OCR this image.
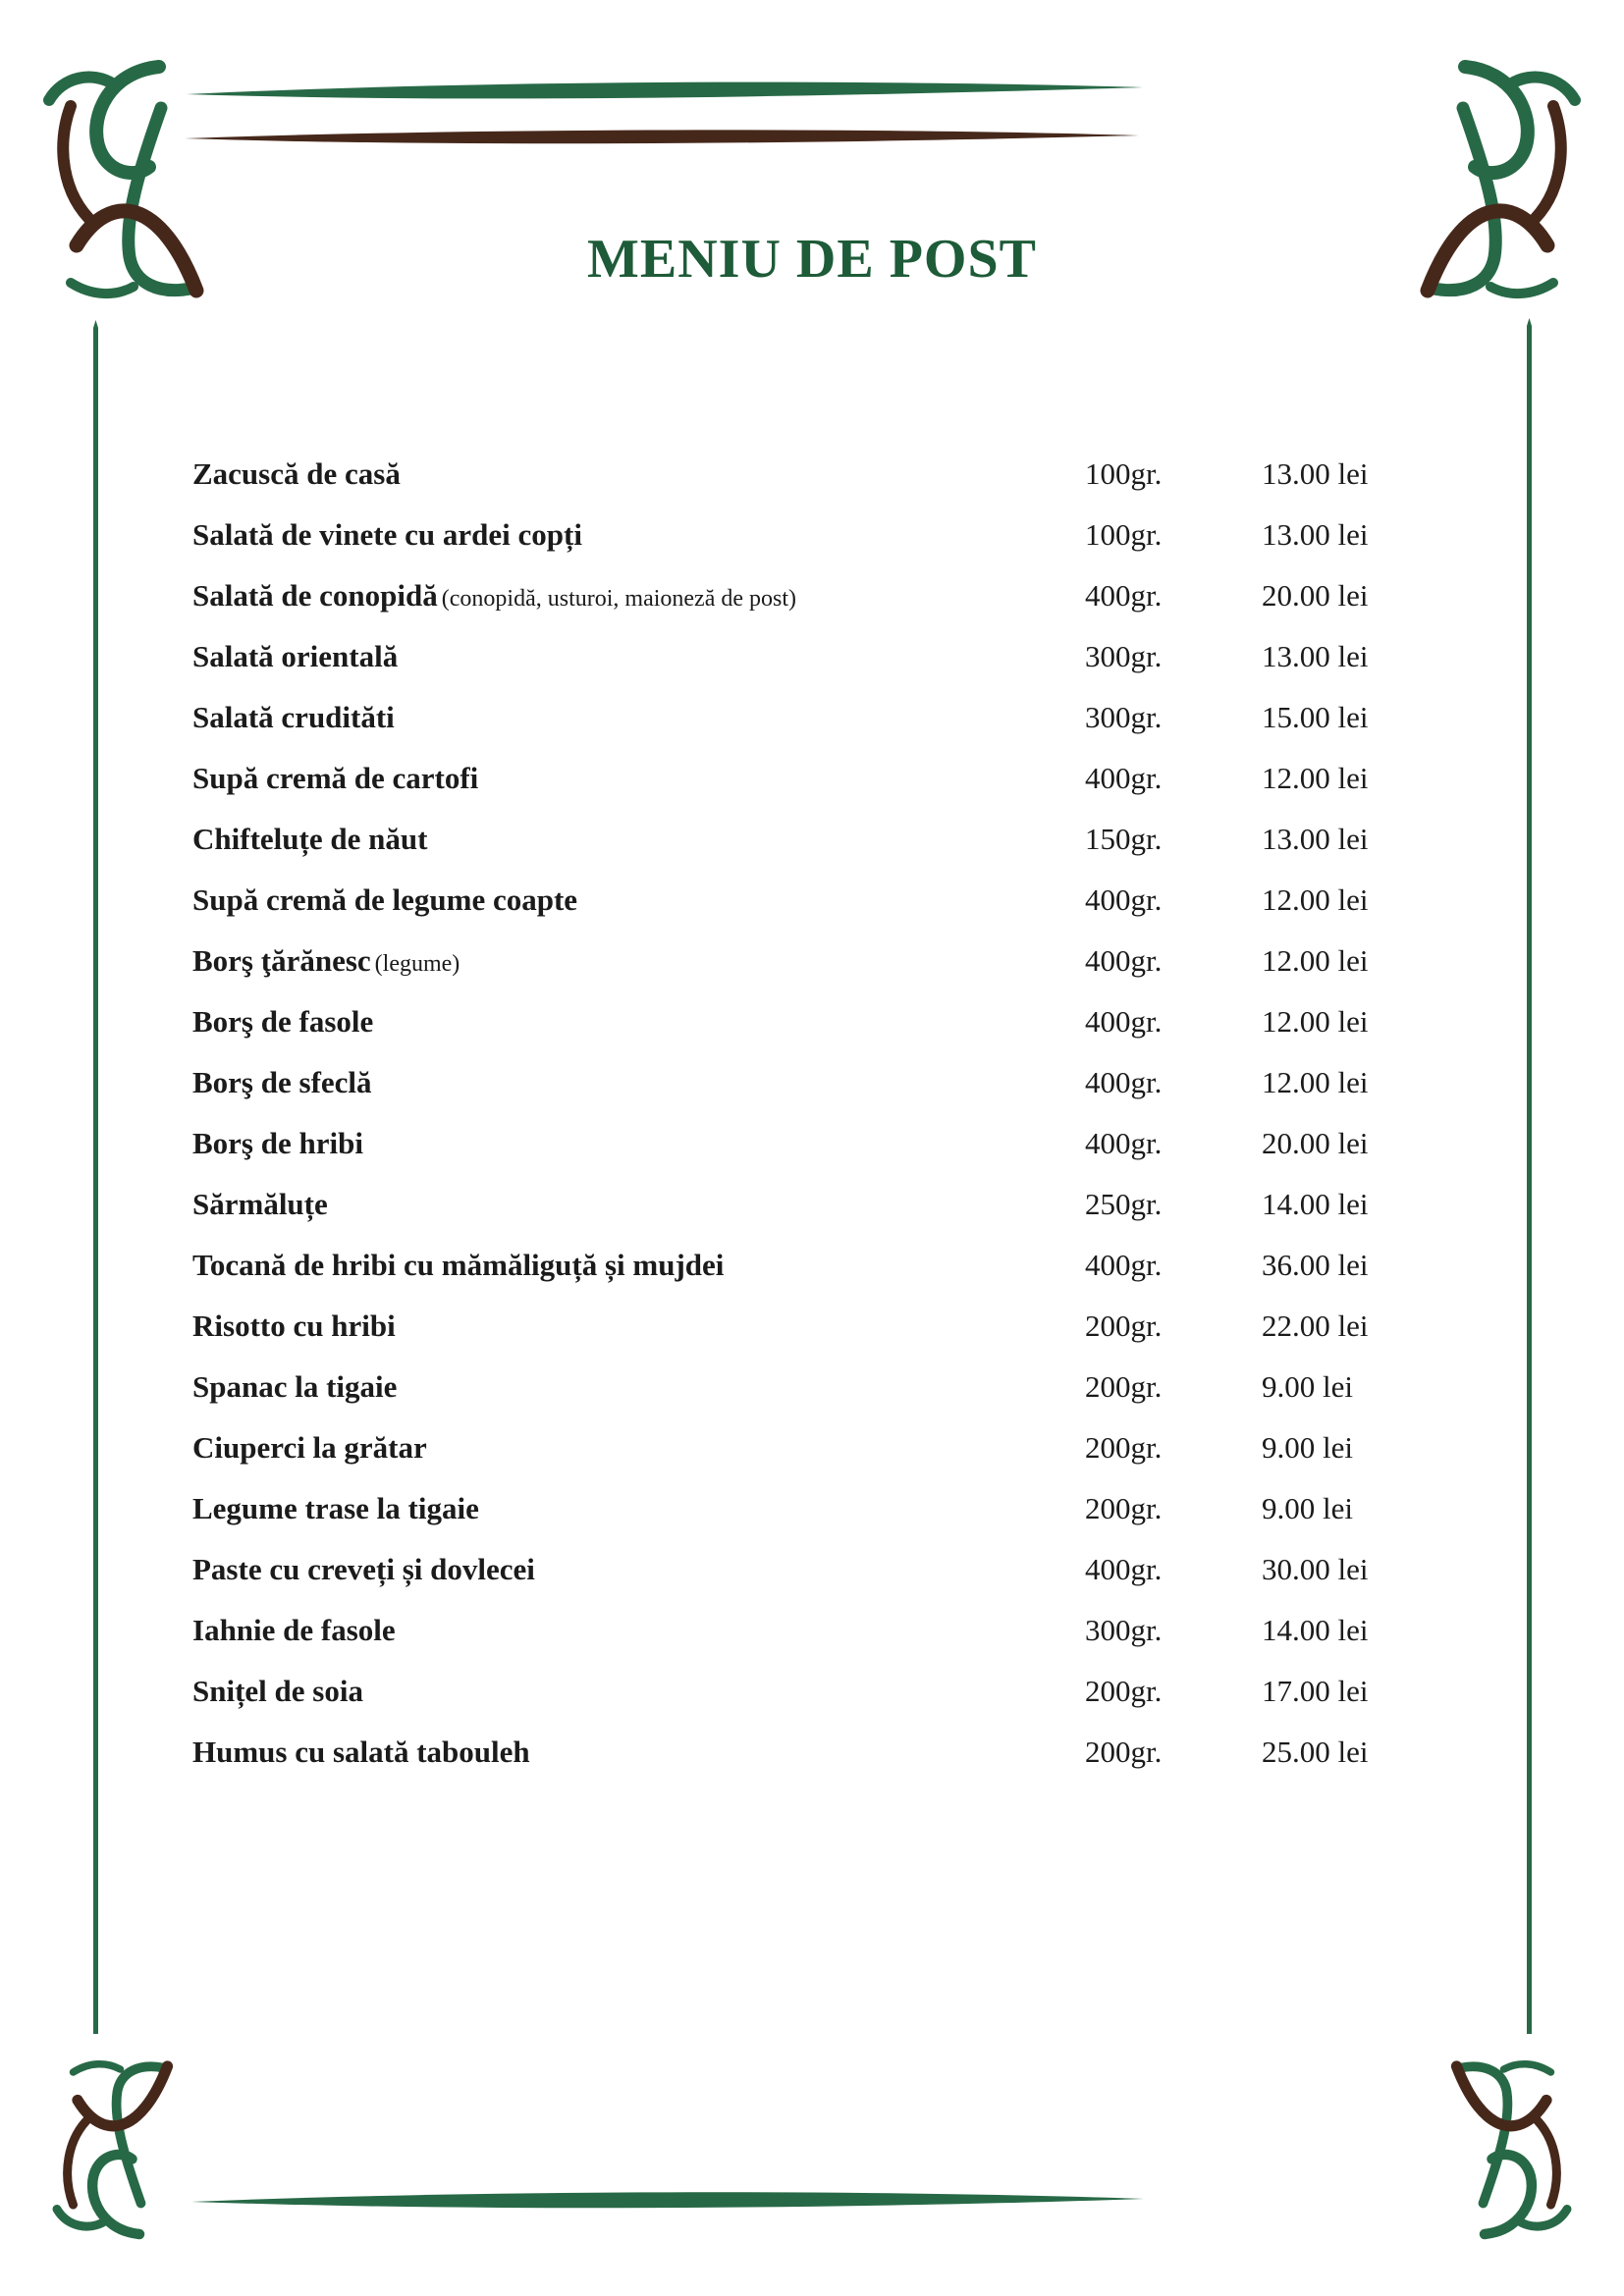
MENIU DE POST
Zacuscă de casă	100gr.	13.00 lei
Salată de vinete cu ardei copți	100gr.	13.00 lei
Salată de conopidă (conopidă, usturoi, maioneză de post)	400gr.	20.00 lei
Salată orientală	300gr.	13.00 lei
Salată crudităti	300gr.	15.00 lei
Supă cremă de cartofi	400gr.	12.00 lei
Chifteluțe de năut	150gr.	13.00 lei
Supă cremă de legume coapte	400gr.	12.00 lei
Borş ţărănesc (legume)	400gr.	12.00 lei
Borş de fasole	400gr.	12.00 lei
Borş de sfeclă	400gr.	12.00 lei
Borş de hribi	400gr.	20.00 lei
Sărmăluțe	250gr.	14.00 lei
Tocană de hribi cu mămăliguță și mujdei	400gr.	36.00 lei
Risotto cu hribi	200gr.	22.00 lei
Spanac la tigaie	200gr.	9.00 lei
Ciuperci la grătar	200gr.	9.00 lei
Legume trase la tigaie	200gr.	9.00 lei
Paste cu creveți și dovlecei	400gr.	30.00 lei
Iahnie de fasole	300gr.	14.00 lei
Snițel de soia	200gr.	17.00 lei
Humus cu salată tabouleh	200gr.	25.00 lei
